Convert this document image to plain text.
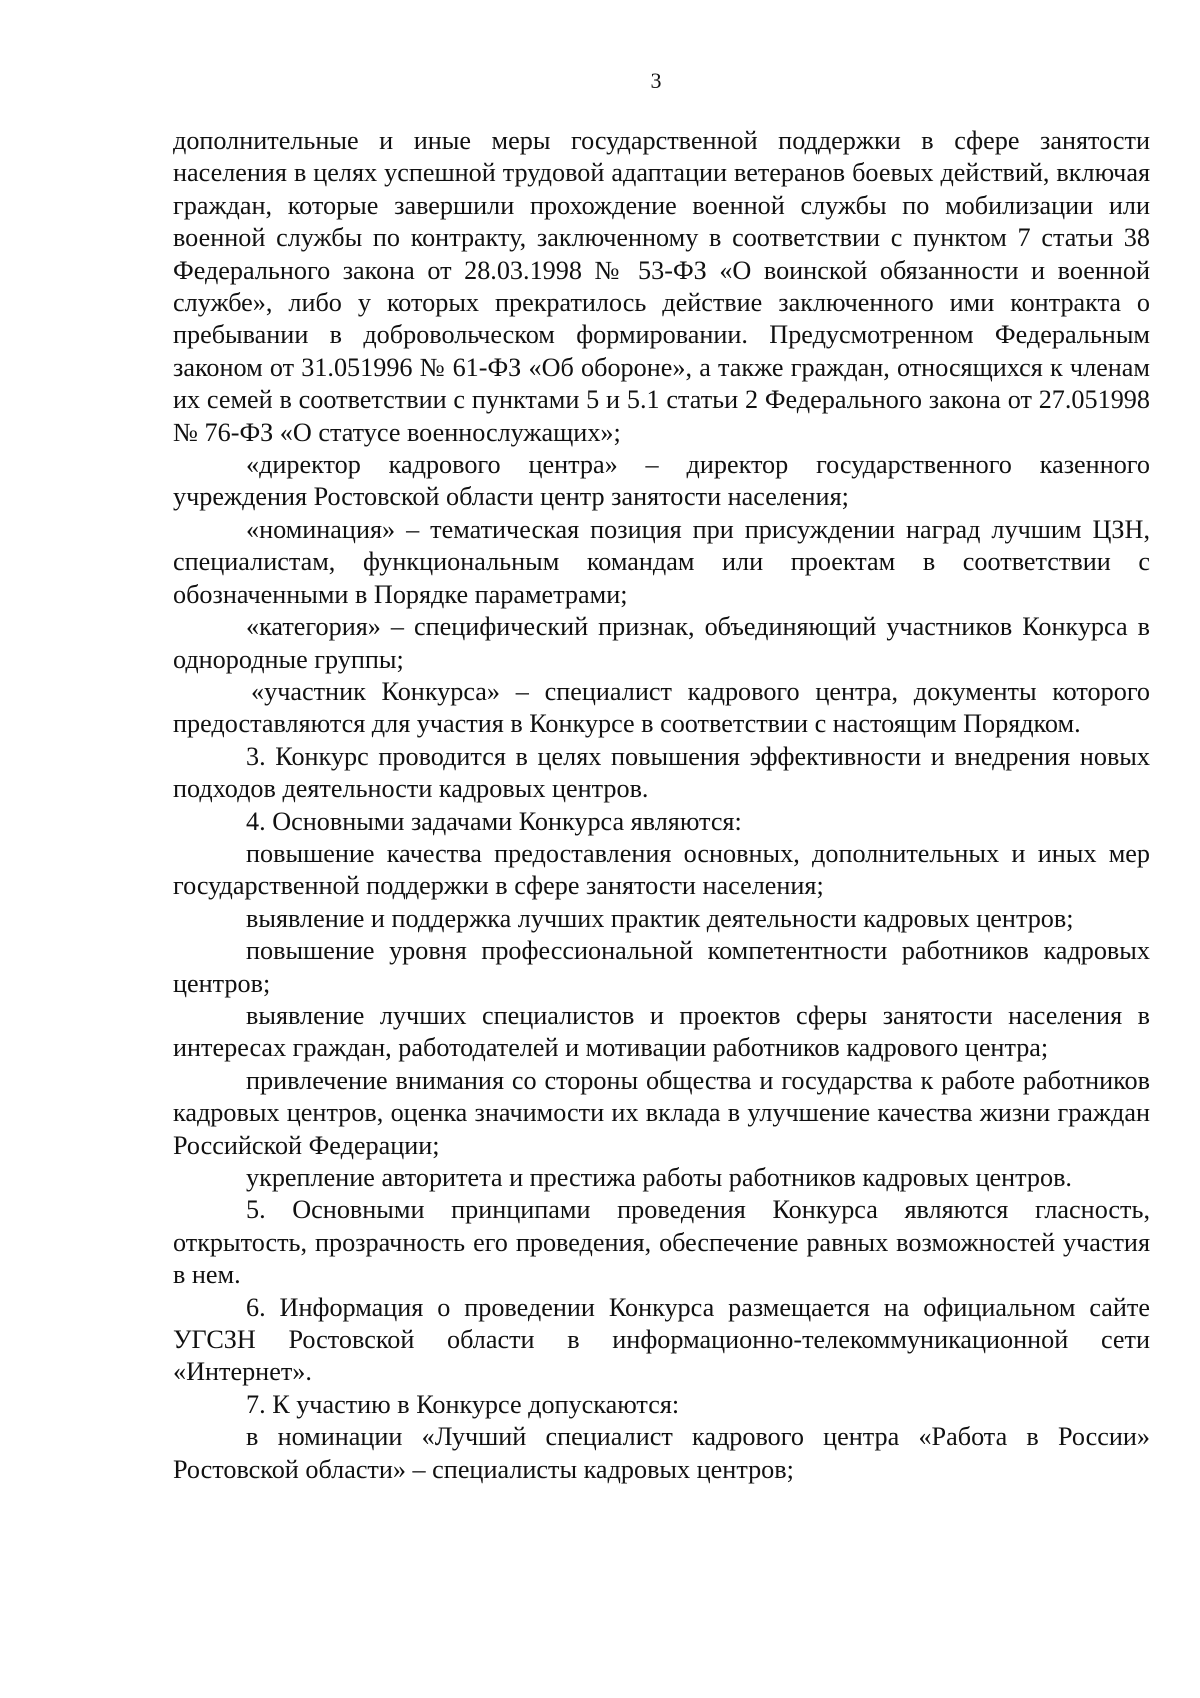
3

дополнительные и иные меры государственной поддержки в сфере занятости населения в целях успешной трудовой адаптации ветеранов боевых действий, включая граждан, которые завершили прохождение военной службы по мобилизации или военной службы по контракту, заключенному в соответствии с пунктом 7 статьи 38 Федерального закона от 28.03.1998 № 53-ФЗ «О воинской обязанности и военной службе», либо у которых прекратилось действие заключенного ими контракта о пребывании в добровольческом формировании. Предусмотренном Федеральным законом от 31.051996 № 61-ФЗ «Об обороне», а также граждан, относящихся к членам их семей в соответствии с пунктами 5 и 5.1 статьи 2 Федерального закона от 27.051998 № 76-ФЗ «О статусе военнослужащих»;

«директор кадрового центра» – директор государственного казенного учреждения Ростовской области центр занятости населения;

«номинация» – тематическая позиция при присуждении наград лучшим ЦЗН, специалистам, функциональным командам или проектам в соответствии с обозначенными в Порядке параметрами;

«категория» – специфический признак, объединяющий участников Конкурса в однородные группы;

«участник Конкурса» – специалист кадрового центра, документы которого предоставляются для участия в Конкурсе в соответствии с настоящим Порядком.

3. Конкурс проводится в целях повышения эффективности и внедрения новых подходов деятельности кадровых центров.

4. Основными задачами Конкурса являются:

повышение качества предоставления основных, дополнительных и иных мер государственной поддержки в сфере занятости населения;

выявление и поддержка лучших практик деятельности кадровых центров;

повышение уровня профессиональной компетентности работников кадровых центров;

выявление лучших специалистов и проектов сферы занятости населения в интересах граждан, работодателей и мотивации работников кадрового центра;

привлечение внимания со стороны общества и государства к работе работников кадровых центров, оценка значимости их вклада в улучшение качества жизни граждан Российской Федерации;

укрепление авторитета и престижа работы работников кадровых центров.

5. Основными принципами проведения Конкурса являются гласность, открытость, прозрачность его проведения, обеспечение равных возможностей участия в нем.

6. Информация о проведении Конкурса размещается на официальном сайте УГСЗН Ростовской области в информационно-телекоммуникационной сети «Интернет».

7. К участию в Конкурсе допускаются:

в номинации «Лучший специалист кадрового центра «Работа в России» Ростовской области» – специалисты кадровых центров;
